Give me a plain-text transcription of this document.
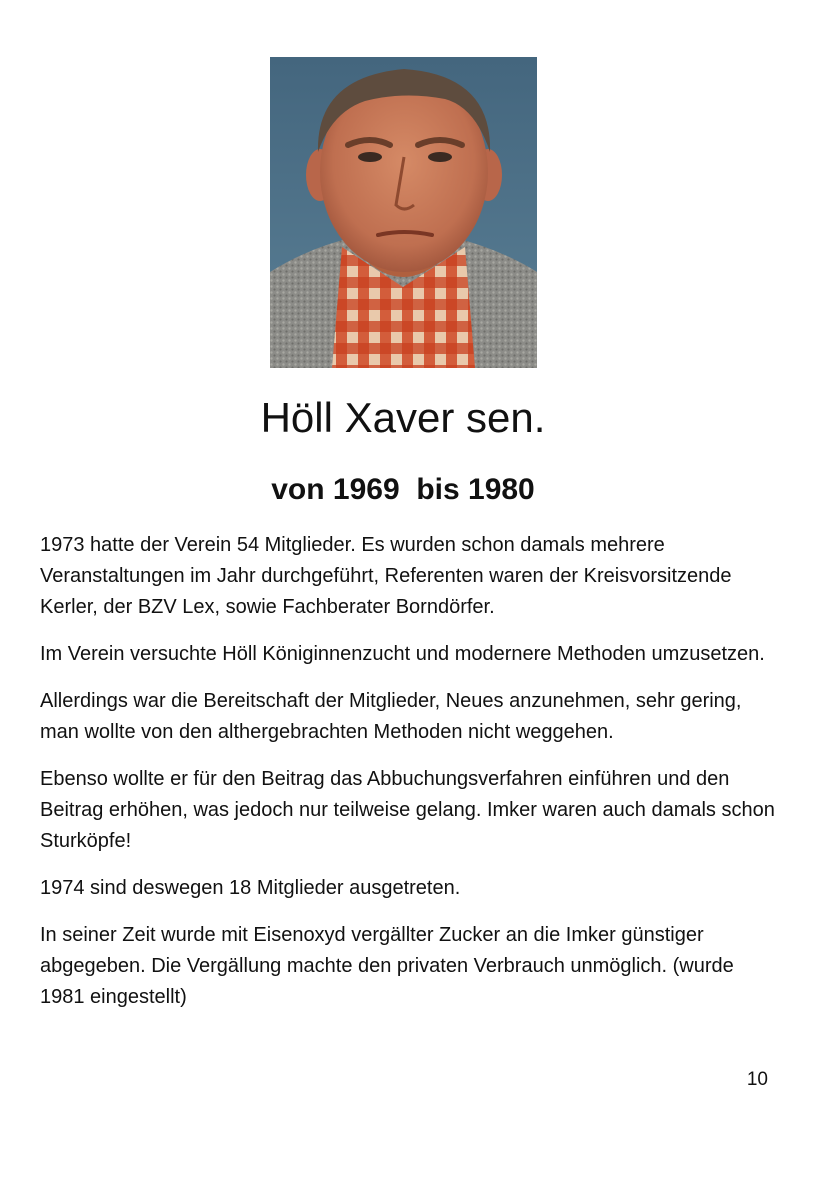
Höll Xaver sen.
von 1969  bis 1980

1973 hatte der Verein 54 Mitglieder. Es wurden schon damals mehrere Veranstaltungen im Jahr durchgeführt, Referenten waren der Kreisvorsitzende Kerler, der BZV Lex, sowie Fachberater Borndörfer.

Im Verein versuchte Höll Königinnenzucht und modernere Methoden umzusetzen.

Allerdings war die Bereitschaft der Mitglieder, Neues anzunehmen, sehr gering, man wollte von den althergebrachten Methoden nicht weggehen.

Ebenso wollte er für den Beitrag das Abbuchungsverfahren einführen und den Beitrag erhöhen, was jedoch nur teilweise gelang. Imker waren auch damals schon Sturköpfe!

1974 sind deswegen 18 Mitglieder ausgetreten.

In seiner Zeit wurde mit Eisenoxyd vergällter Zucker an die Imker günstiger abgegeben. Die Vergällung machte den privaten Verbrauch unmöglich. (wurde 1981 eingestellt)

10
